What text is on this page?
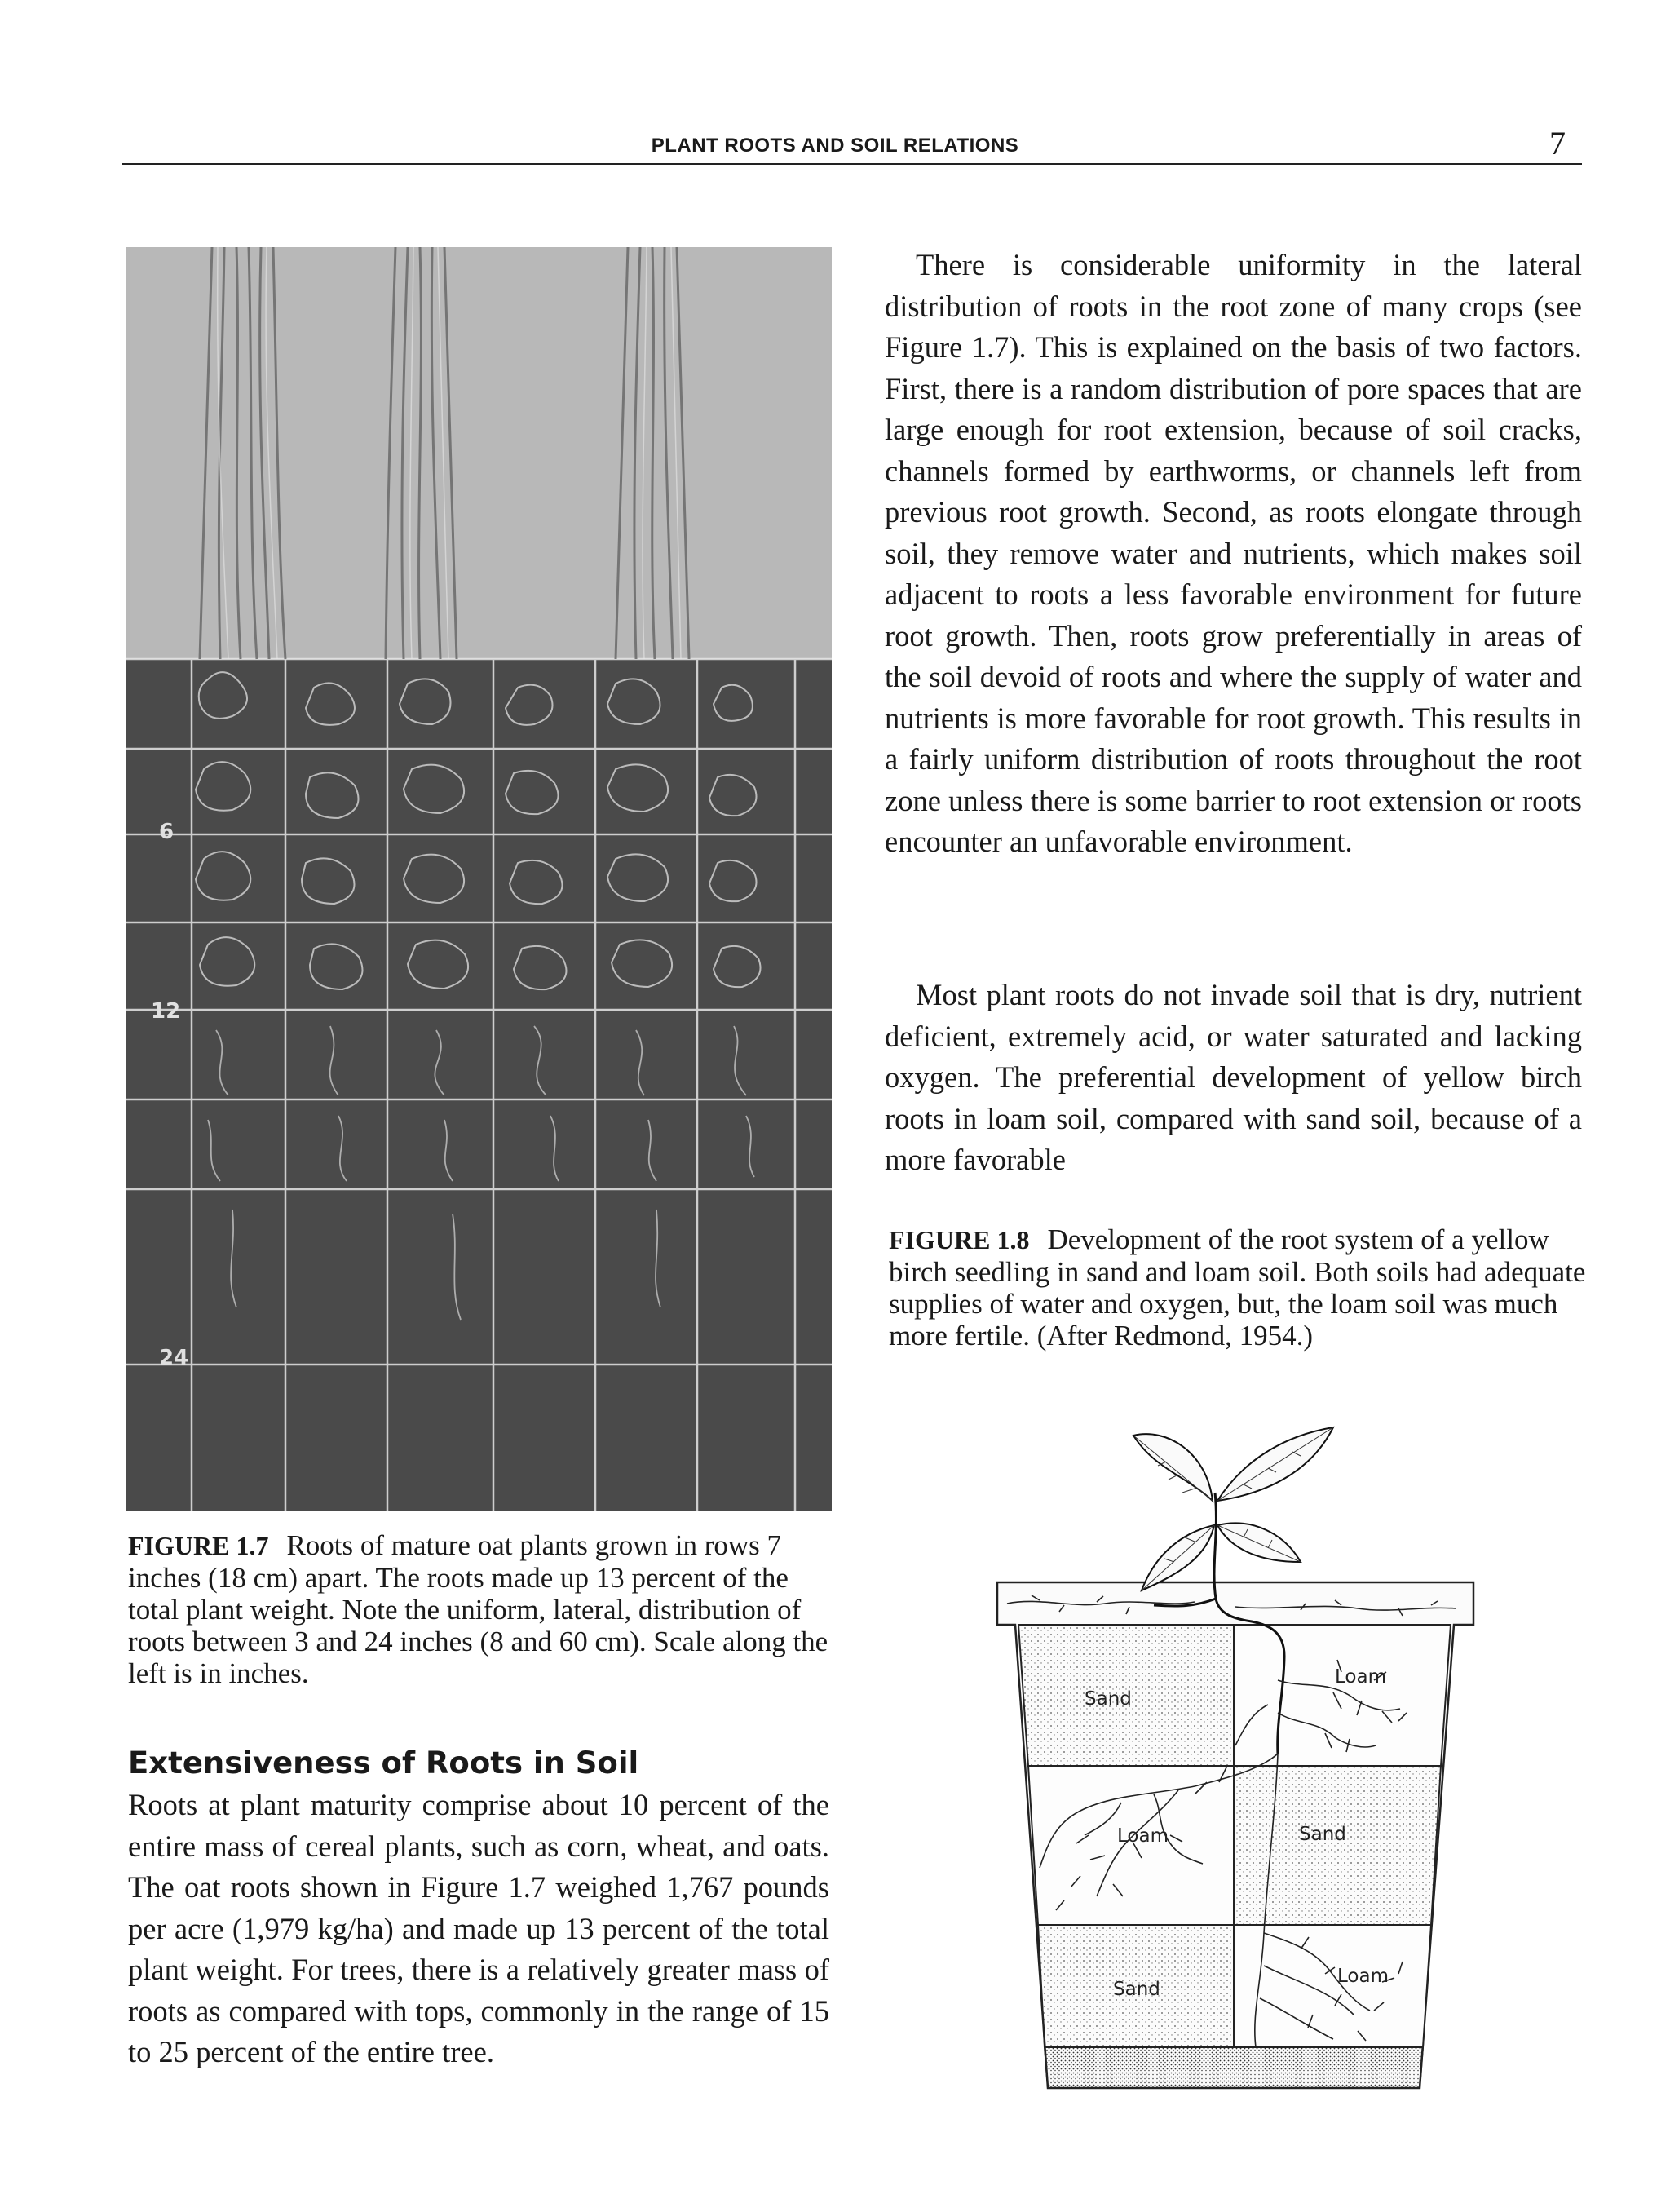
PLANT ROOTS AND SOIL RELATIONS	7
6
12
24
FIGURE 1.7 Roots of mature oat plants grown in rows 7 inches (18 cm) apart. The roots made up 13 percent of the total plant weight. Note the uniform, lateral, distribution of roots between 3 and 24 inches (8 and 60 cm). Scale along the left is in inches.
Extensiveness of Roots in Soil
Roots at plant maturity comprise about 10 percent of the entire mass of cereal plants, such as corn, wheat, and oats. The oat roots shown in Figure 1.7 weighed 1,767 pounds per acre (1,979 kg/ha) and made up 13 percent of the total plant weight. For trees, there is a relatively greater mass of roots as compared with tops, commonly in the range of 15 to 25 percent of the entire tree.
There is considerable uniformity in the lateral distribution of roots in the root zone of many crops (see Figure 1.7). This is explained on the basis of two factors. First, there is a random distribution of pore spaces that are large enough for root extension, because of soil cracks, channels formed by earthworms, or channels left from previous root growth. Second, as roots elongate through soil, they remove water and nutrients, which makes soil adjacent to roots a less favorable environment for future root growth. Then, roots grow preferentially in areas of the soil devoid of roots and where the supply of water and nutrients is more favorable for root growth. This results in a fairly uniform distribution of roots throughout the root zone unless there is some barrier to root extension or roots encounter an unfavorable environment.
Most plant roots do not invade soil that is dry, nutrient deficient, extremely acid, or water saturated and lacking oxygen. The preferential development of yellow birch roots in loam soil, compared with sand soil, because of a more favorable
FIGURE 1.8 Development of the root system of a yellow birch seedling in sand and loam soil. Both soils had adequate supplies of water and oxygen, but, the loam soil was much more fertile. (After Redmond, 1954.)
Sand
Loam
Loam	Sand
Sand
Loam
